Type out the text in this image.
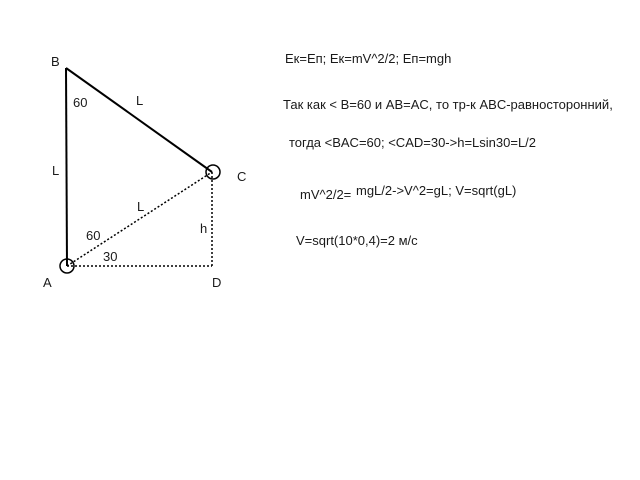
B
A
C
D
L
L
L
h
60
60
30
Ек=Еп; Ек=mV^2/2; Еп=mgh
Так как < B=60 и AB=AC, то тр-к ABC-равносторонний,
тогда <BAC=60; <CAD=30->h=Lsin30=L/2
mV^2/2= mgL/2->V^2=gL; V=sqrt(gL)
V=sqrt(10*0,4)=2 м/с
